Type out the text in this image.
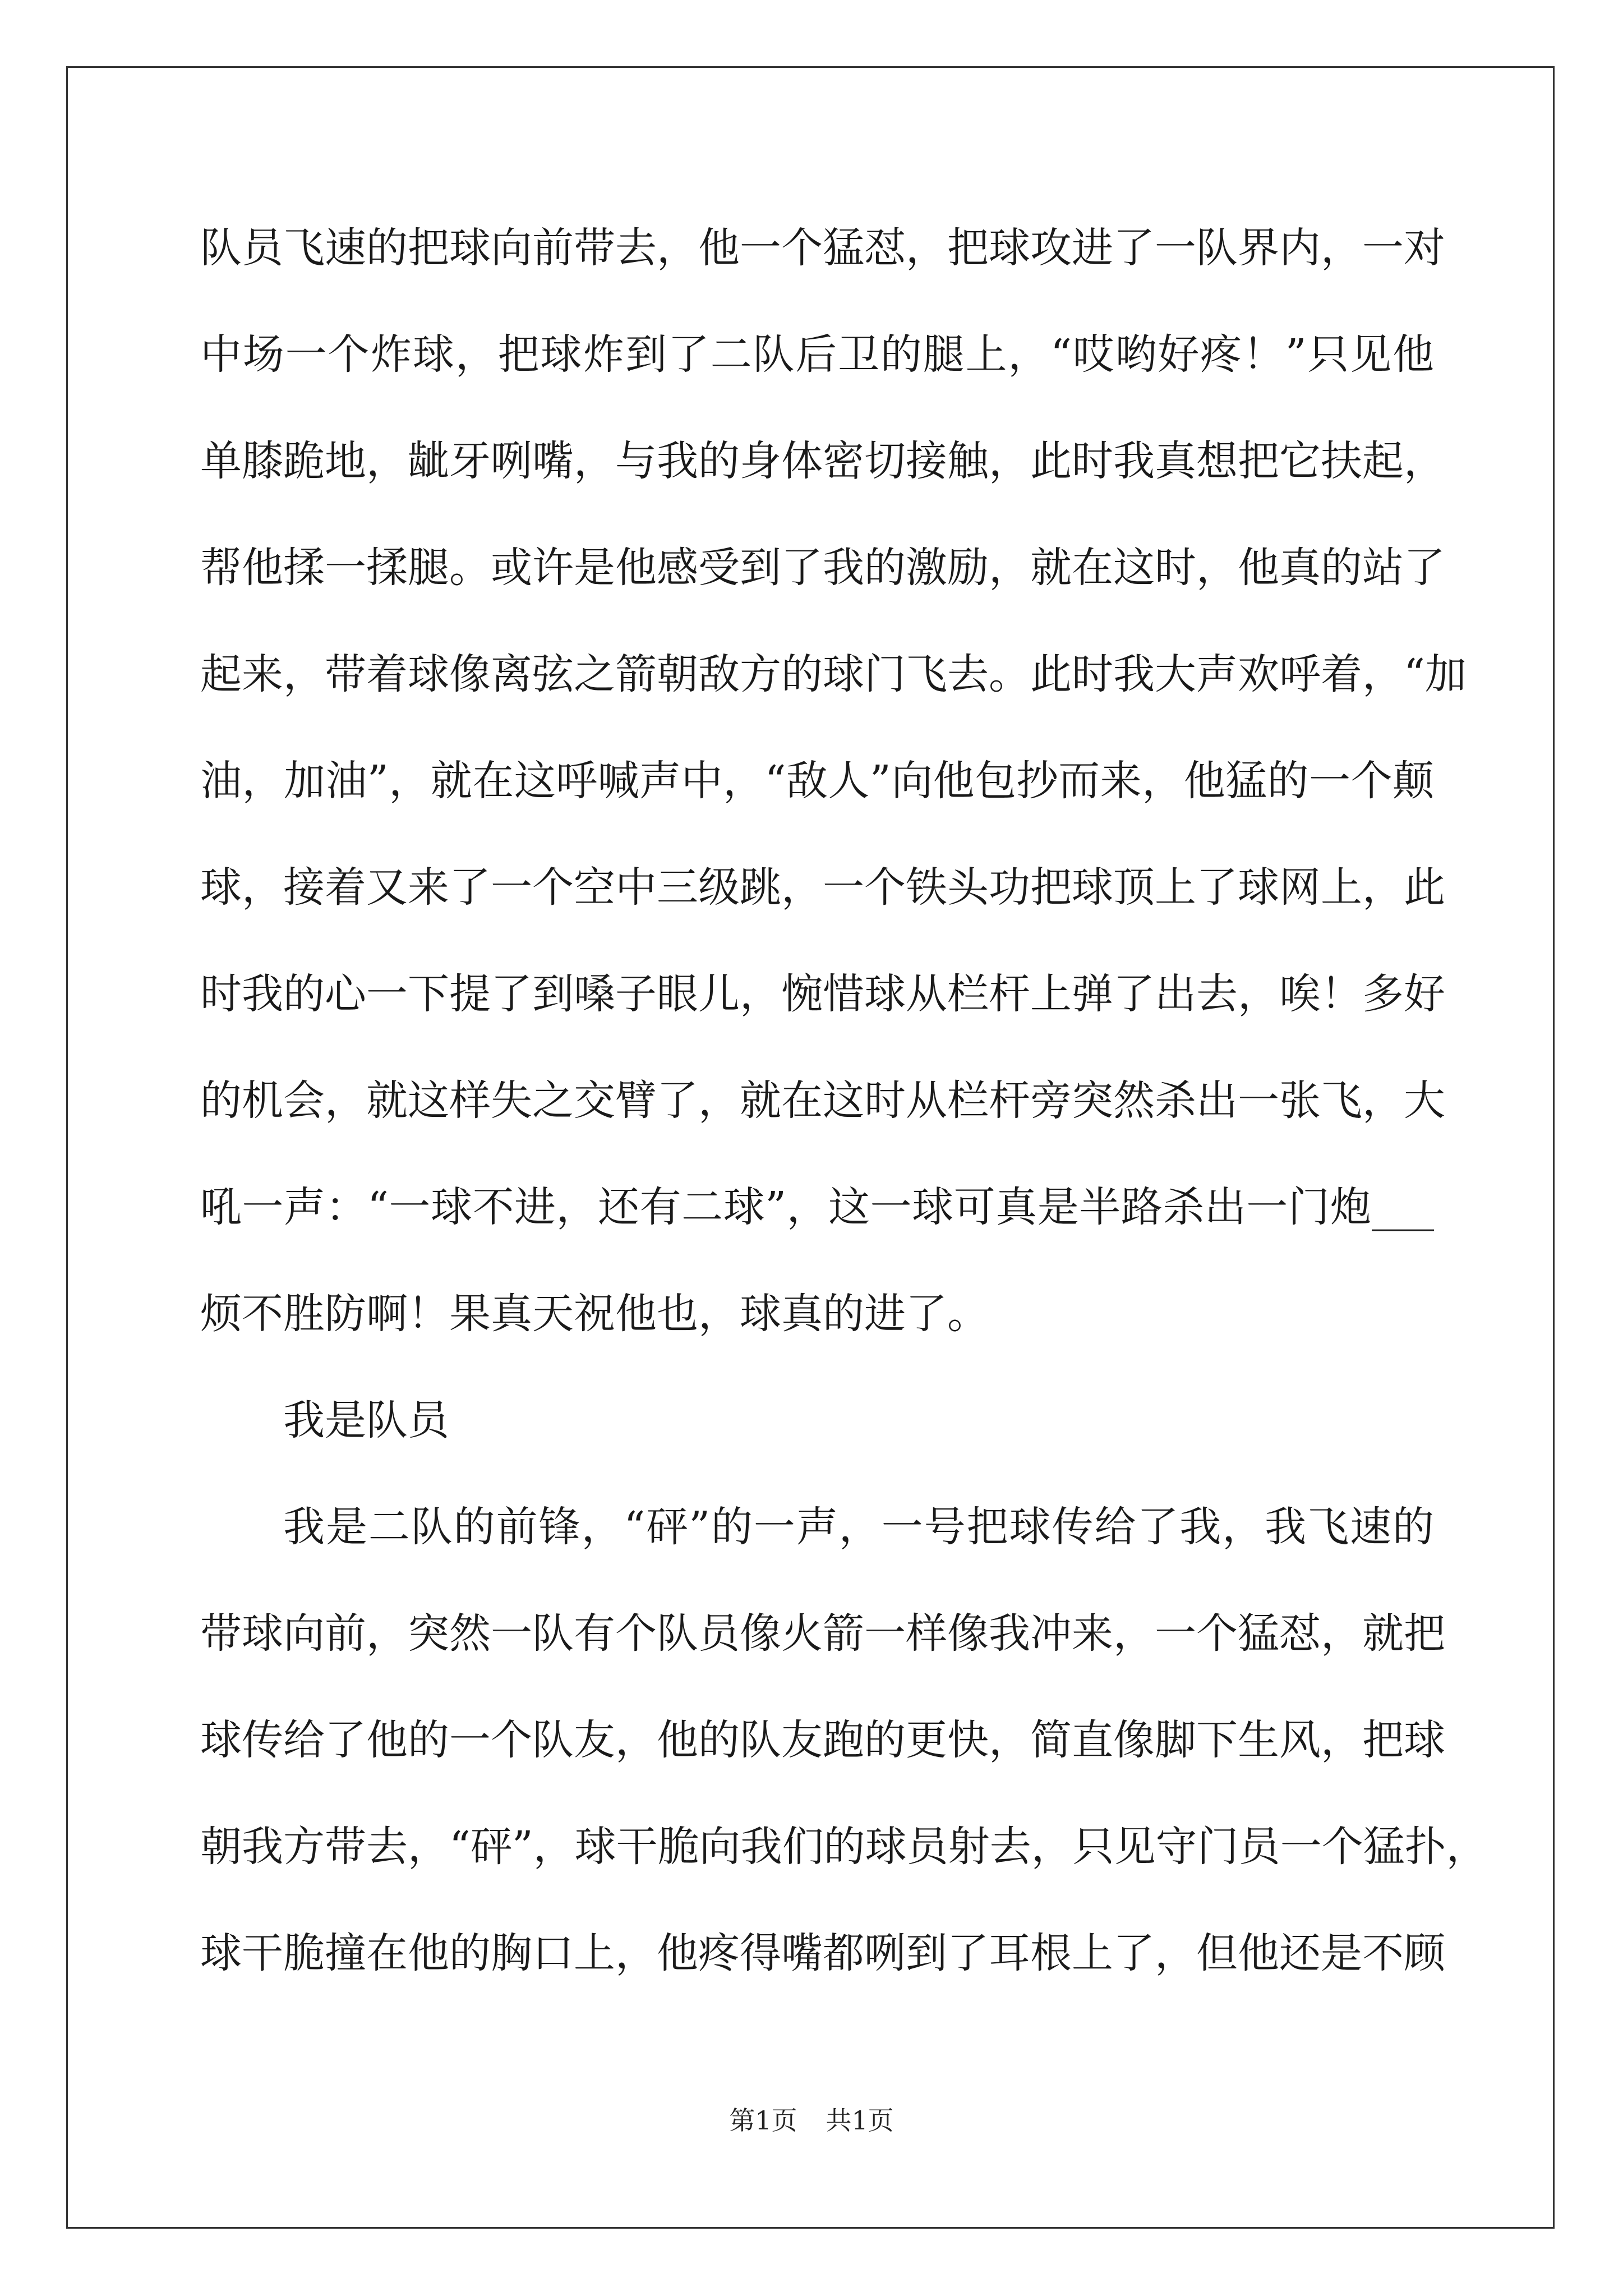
队员飞速的把球向前带去，他一个猛怼，把球攻进了一队界内，一对
中场一个炸球，把球炸到了二队后卫的腿上，“哎哟好疼！”只见他
单膝跪地，龇牙咧嘴，与我的身体密切接触，此时我真想把它扶起，
帮他揉一揉腿。或许是他感受到了我的激励，就在这时，他真的站了
起来，带着球像离弦之箭朝敌方的球门飞去。此时我大声欢呼着，“加
油，加油”，就在这呼喊声中，“敌人”向他包抄而来，他猛的一个颠
球，接着又来了一个空中三级跳，一个铁头功把球顶上了球网上，此
时我的心一下提了到嗓子眼儿，惋惜球从栏杆上弹了出去，唉！多好
的机会，就这样失之交臂了，就在这时从栏杆旁突然杀出一张飞，大
吼一声：“一球不进，还有二球”，这一球可真是半路杀出一门炮___
烦不胜防啊！果真天祝他也，球真的进了。
我是队员
我是二队的前锋，“砰”的一声，一号把球传给了我，我飞速的
带球向前，突然一队有个队员像火箭一样像我冲来，一个猛怼，就把
球传给了他的一个队友，他的队友跑的更快，简直像脚下生风，把球
朝我方带去，“砰”，球干脆向我们的球员射去，只见守门员一个猛扑，
球干脆撞在他的胸口上，他疼得嘴都咧到了耳根上了，但他还是不顾
第1页 共1页
